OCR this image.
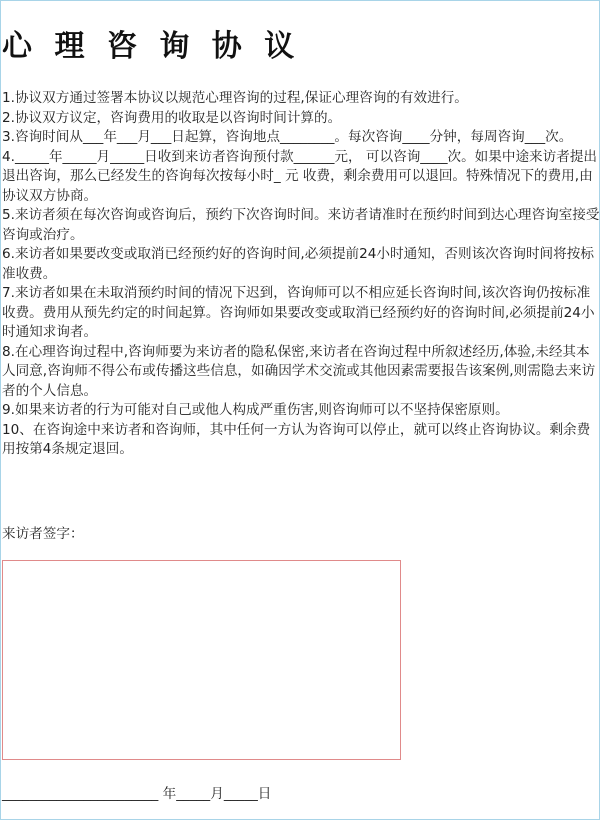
心 理 咨 询 协 议

1.协议双方通过签署本协议以规范心理咨询的过程,保证心理咨询的有效进行。

2.协议双方议定，咨询费用的收取是以咨询时间计算的。

3.咨询时间从___年___月___日起算，咨询地点________。每次咨询____分钟，每周咨询___次。

4._____年_____月_____日收到来访者咨询预付款______元， 可以咨询____次。如果中途来访者提出退出咨询，那么已经发生的咨询每次按每小时_ 元 收费，剩余费用可以退回。特殊情况下的费用,由协议双方协商。

5.来访者须在每次咨询或咨询后，预约下次咨询时间。来访者请准时在预约时间到达心理咨询室接受咨询或治疗。

6.来访者如果要改变或取消已经预约好的咨询时间,必须提前24小时通知，否则该次咨询时间将按标准收费。

7.来访者如果在未取消预约时间的情况下迟到，咨询师可以不相应延长咨询时间,该次咨询仍按标准收费。费用从预先约定的时间起算。咨询师如果要改变或取消已经预约好的咨询时间,必须提前24小时通知求询者。

8.在心理咨询过程中,咨询师要为来访者的隐私保密,来访者在咨询过程中所叙述经历,体验,未经其本人同意,咨询师不得公布或传播这些信息，如确因学术交流或其他因素需要报告该案例,则需隐去来访者的个人信息。

9.如果来访者的行为可能对自己或他人构成严重伤害,则咨询师可以不坚持保密原则。

10、在咨询途中来访者和咨询师，其中任何一方认为咨询可以停止，就可以终止咨询协议。剩余费用按第4条规定退回。

来访者签字：
_______________________ 年_____月_____日
